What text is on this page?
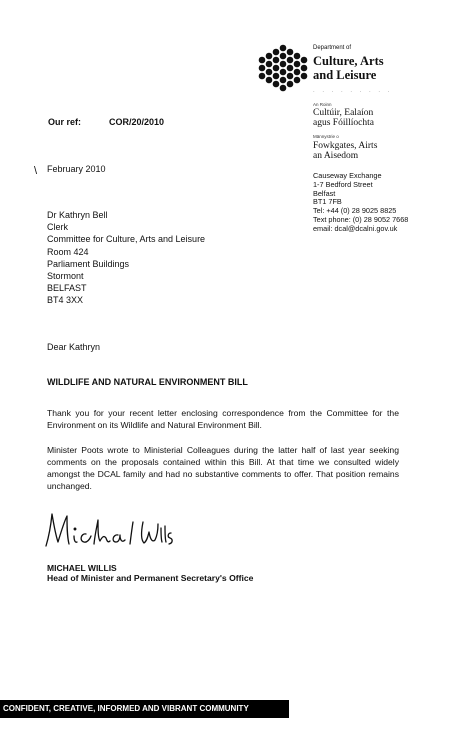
Department of
Culture, Arts
and Leisure
. . . . . . . . .
An Roinn
Cultúir, Ealaíon
agus Fóillíochta
Männystrie o
Fowkgates, Airts
an Aisedom
Causeway Exchange
1-7 Bedford Street
Belfast
BT1 7FB
Tel: +44 (0) 28 9025 8825
Text phone: (0) 28 9052 7668
email: dcal@dcalni.gov.uk
Our ref:	COR/20/2010
\ February 2010
Dr Kathryn Bell
Clerk
Committee for Culture, Arts and Leisure
Room 424
Parliament Buildings
Stormont
BELFAST
BT4 3XX
Dear Kathryn
WILDLIFE AND NATURAL ENVIRONMENT BILL
Thank you for your recent letter enclosing correspondence from the Committee for the Environment on its Wildlife and Natural Environment Bill.
Minister Poots wrote to Ministerial Colleagues during the latter half of last year seeking comments on the proposals contained within this Bill. At that time we consulted widely amongst the DCAL family and had no substantive comments to offer. That position remains unchanged.
MICHAEL WILLIS
Head of Minister and Permanent Secretary's Office
CONFIDENT, CREATIVE, INFORMED AND VIBRANT COMMUNITY
